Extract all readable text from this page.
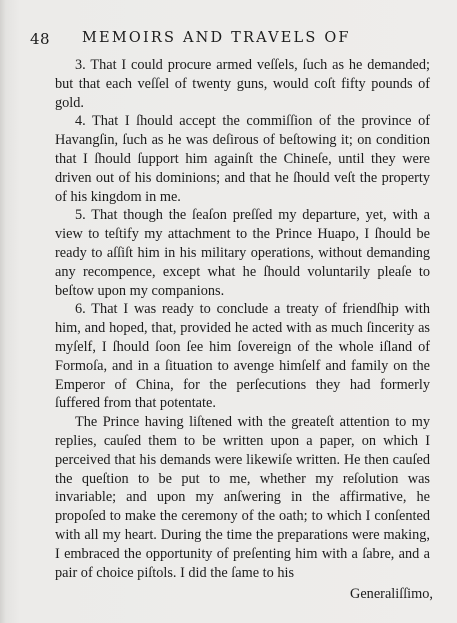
48 MEMOIRS AND TRAVELS OF

3. That I could procure armed veſſels, ſuch as he demanded; but that each veſſel of twenty guns, would coſt fifty pounds of gold.

4. That I ſhould accept the commiſſion of the province of Havangſin, ſuch as he was deſirous of beſtowing it; on condition that I ſhould ſupport him againſt the Chineſe, until they were driven out of his dominions; and that he ſhould veſt the property of his kingdom in me.

5. That though the ſeaſon preſſed my departure, yet, with a view to teſtify my attachment to the Prince Huapo, I ſhould be ready to aſſiſt him in his military operations, without demanding any recompence, except what he ſhould voluntarily pleaſe to beſtow upon my companions.

6. That I was ready to conclude a treaty of friendſhip with him, and hoped, that, provided he acted with as much ſincerity as myſelf, I ſhould ſoon ſee him ſovereign of the whole iſland of Formoſa, and in a ſituation to avenge himſelf and family on the Emperor of China, for the perſecutions they had formerly ſuffered from that potentate.

The Prince having liſtened with the greateſt attention to my replies, cauſed them to be written upon a paper, on which I perceived that his demands were likewiſe written. He then cauſed the queſtion to be put to me, whether my reſolution was invariable; and upon my anſwering in the affirmative, he propoſed to make the ceremony of the oath; to which I conſented with all my heart. During the time the preparations were making, I embraced the opportunity of preſenting him with a ſabre, and a pair of choice piſtols. I did the ſame to his

Generaliſſimo,
